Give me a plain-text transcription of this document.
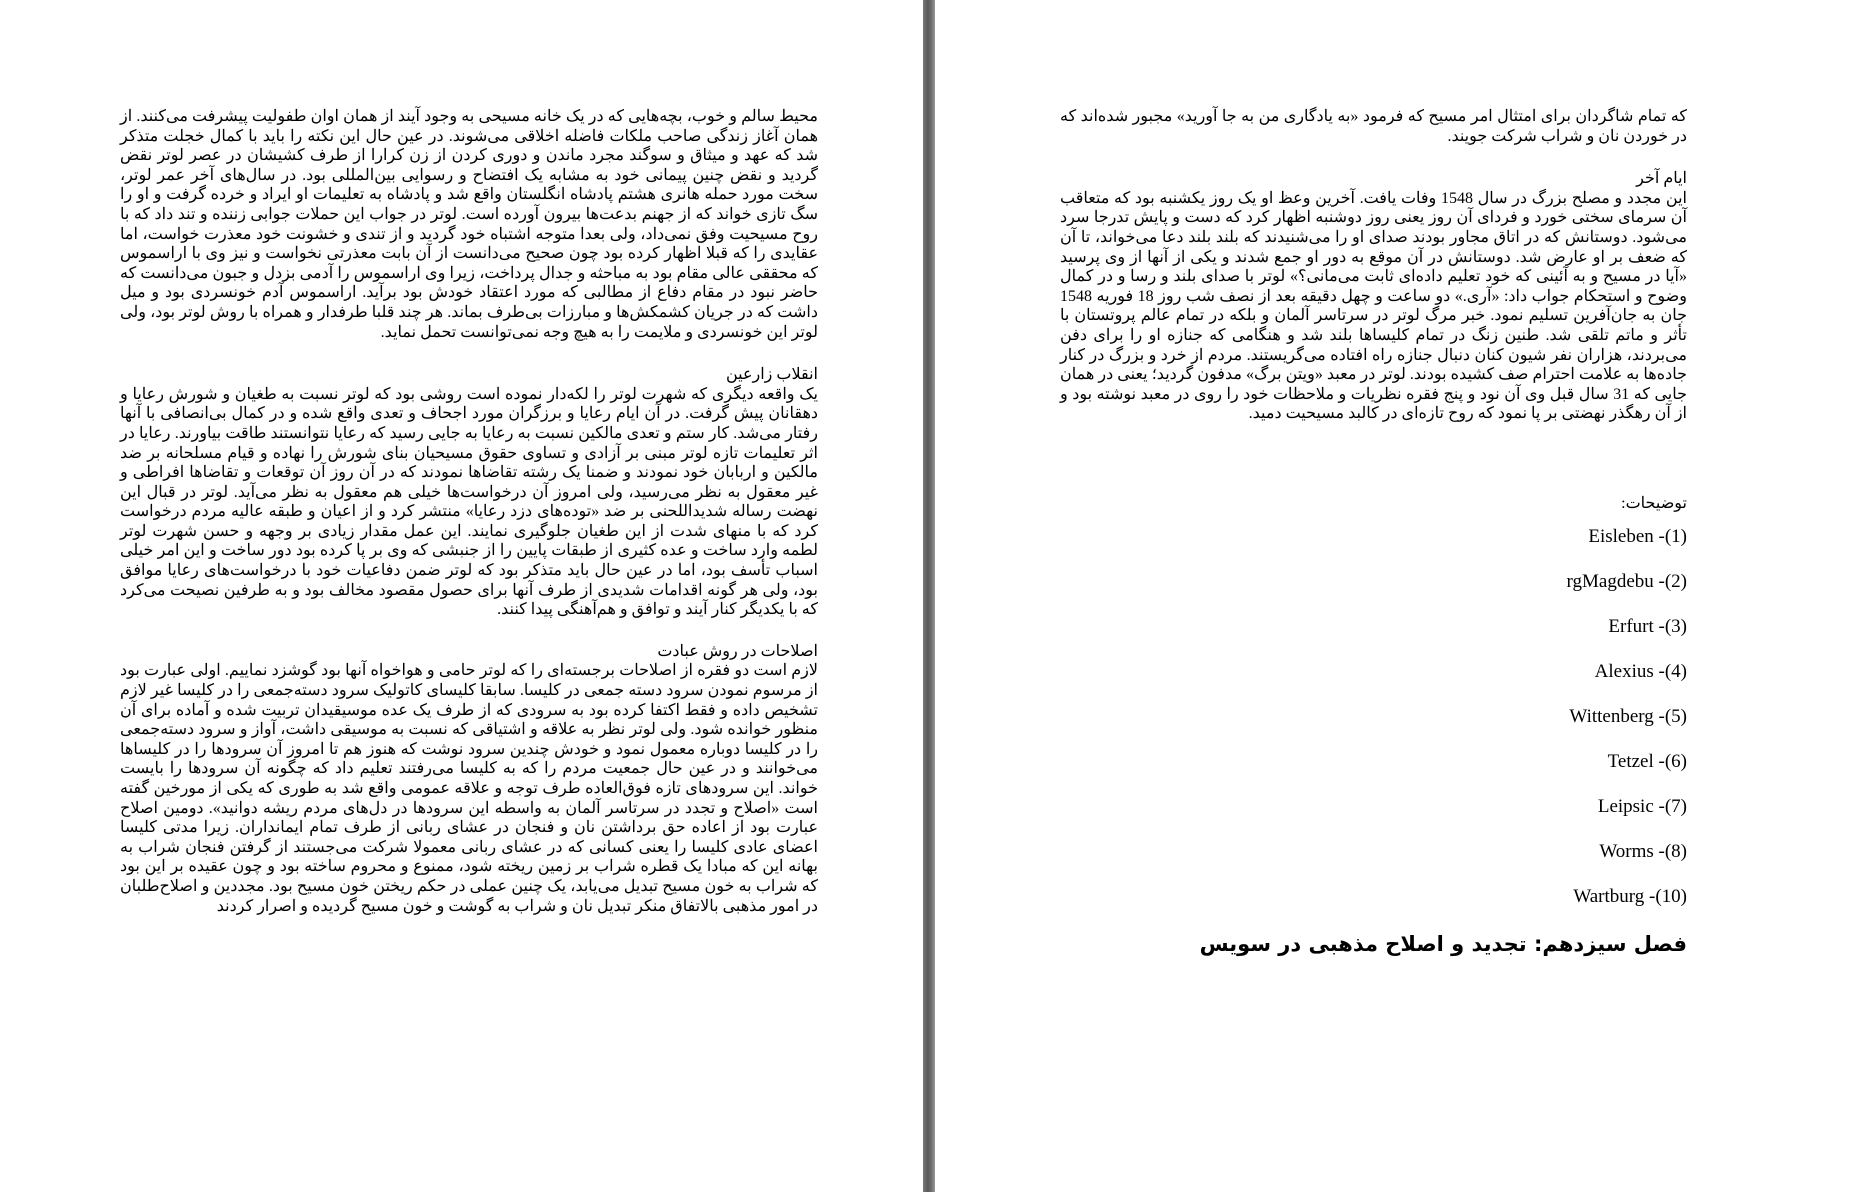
محیط سالم و خوب، بچه‌هایی که در یک خانه مسیحی به وجود آیند از همان اوان طفولیت پیشرفت می‌کنند. از همان آغاز زندگی صاحب ملکات فاضله اخلاقی می‌شوند. در عین حال این نکته را باید با کمال خجلت متذکر شد که عهد و میثاق و سوگند مجرد ماندن و دوری کردن از زن کرارا از طرف کشیشان در عصر لوتر نقض گردید و نقض چنین پیمانی خود به مشابه یک افتضاح و رسوایی بین‌المللی بود. در سال‌های آخر عمر لوتر، سخت مورد حمله هانری هشتم پادشاه انگلستان واقع شد و پادشاه به تعلیمات او ایراد و خرده گرفت و او را سگ تازی خواند که از جهنم بدعت‌ها بیرون آورده است. لوتر در جواب این حملات جوابی زننده و تند داد که با روح مسیحیت وفق نمی‌داد، ولی بعدا متوجه اشتباه خود گردید و از تندی و خشونت خود معذرت خواست، اما عقایدی را که قبلا اظهار کرده بود چون صحیح می‌دانست از آن بابت معذرتی نخواست و نیز وی با اراسموس که محققی عالی مقام بود به مباحثه و جدال پرداخت، زیرا وی اراسموس را آدمی بزدل و جبون می‌دانست که حاضر نبود در مقام دفاع از مطالبی که مورد اعتقاد خودش بود برآید. اراسموس آدم خونسردی بود و میل داشت که در جریان کشمکش‌ها و مبارزات بی‌طرف بماند. هر چند قلبا طرفدار و همراه با روش لوتر بود، ولی لوتر این خونسردی و ملایمت را به هیچ وجه نمی‌توانست تحمل نماید.

انقلاب زارعین

یک واقعه دیگری که شهرت لوتر را لکه‌دار نموده است روشی بود که لوتر نسبت به طغیان و شورش رعایا و دهقانان پیش گرفت. در آن ایام رعایا و برزگران مورد اجحاف و تعدی واقع شده و در کمال بی‌انصافی با آنها رفتار می‌شد. کار ستم و تعدی مالکین نسبت به رعایا به جایی رسید که رعایا نتوانستند طاقت بیاورند. رعایا در اثر تعلیمات تازه لوتر مبنی بر آزادی و تساوی حقوق مسیحیان بنای شورش را نهاده و قیام مسلحانه بر ضد مالکین و اربابان خود نمودند و ضمنا یک رشته تقاضاها نمودند که در آن روز آن توقعات و تقاضاها افراطی و غیر معقول به نظر می‌رسید، ولی امروز آن درخواست‌ها خیلی هم معقول به نظر می‌آید. لوتر در قبال این نهضت رساله شدیداللحنی بر ضد «توده‌های دزد رعایا» منتشر کرد و از اعیان و طبقه عالیه مردم درخواست کرد که با منهای شدت از این طغیان جلوگیری نمایند. این عمل مقدار زیادی بر وجهه و حسن شهرت لوتر لطمه وارد ساخت و عده کثیری از طبقات پایین را از جنبشی که وی بر پا کرده بود دور ساخت و این امر خیلی اسباب تأسف بود، اما در عین حال باید متذکر بود که لوتر ضمن دفاعیات خود با درخواست‌های رعایا موافق بود، ولی هر گونه اقدامات شدیدی از طرف آنها برای حصول مقصود مخالف بود و به طرفین نصیحت می‌کرد که با یکدیگر کنار آیند و توافق و هم‌آهنگی پیدا کنند.

اصلاحات در روش عبادت

لازم است دو فقره از اصلاحات برجسته‌ای را که لوتر حامی و هواخواه آنها بود گوشزد نماییم. اولی عبارت بود از مرسوم نمودن سرود دسته جمعی در کلیسا. سابقا کلیسای کاتولیک سرود دسته‌جمعی را در کلیسا غیر لازم تشخیص داده و فقط اکتفا کرده بود به سرودی که از طرف یک عده موسیقیدان تربیت شده و آماده برای آن منظور خوانده شود. ولی لوتر نظر به علاقه و اشتیاقی که نسبت به موسیقی داشت، آواز و سرود دسته‌جمعی را در کلیسا دوباره معمول نمود و خودش چندین سرود نوشت که هنوز هم تا امروز آن سرودها را در کلیساها می‌خوانند و در عین حال جمعیت مردم را که به کلیسا می‌رفتند تعلیم داد که چگونه آن سرودها را بایست خواند. این سرودهای تازه فوق‌العاده طرف توجه و علاقه عمومی واقع شد به طوری که یکی از مورخین گفته است «اصلاح و تجدد در سرتاسر آلمان به واسطه این سرودها در دل‌های مردم ریشه دوانید». دومین اصلاح عبارت بود از اعاده حق برداشتن نان و فنجان در عشای ربانی از طرف تمام ایمانداران. زیرا مدتی کلیسا اعضای عادی کلیسا را یعنی کسانی که در عشای ربانی معمولا شرکت می‌جستند از گرفتن فنجان شراب به بهانه این که مبادا یک قطره شراب بر زمین ریخته شود، ممنوع و محروم ساخته بود و چون عقیده بر این بود که شراب به خون مسیح تبدیل می‌یابد، یک چنین عملی در حکم ریختن خون مسیح بود. مجددین و اصلاح‌طلبان در امور مذهبی بالاتفاق منکر تبدیل نان و شراب به گوشت و خون مسیح گردیده و اصرار کردند

که تمام شاگردان برای امتثال امر مسیح که فرمود «به یادگاری من به جا آورید» مجبور شده‌اند که در خوردن نان و شراب شرکت جویند.

ایام آخر

این مجدد و مصلح بزرگ در سال 1548 وفات یافت. آخرین وعظ او یک روز یکشنبه بود که متعاقب آن سرمای سختی خورد و فردای آن روز یعنی روز دوشنبه اظهار کرد که دست و پایش تدرجا سرد می‌شود. دوستانش که در اتاق مجاور بودند صدای او را می‌شنیدند که بلند بلند دعا می‌خواند، تا آن که ضعف بر او عارض شد. دوستانش در آن موقع به دور او جمع شدند و یکی از آنها از وی پرسید «آیا در مسیح و به آئینی که خود تعلیم داده‌ای ثابت می‌مانی؟» لوتر با صدای بلند و رسا و در کمال وضوح و استحکام جواب داد: «آری.» دو ساعت و چهل دقیقه بعد از نصف شب روز 18 فوریه 1548 جان به جان‌آفرین تسلیم نمود. خبر مرگ لوتر در سرتاسر آلمان و بلکه در تمام عالم پروتستان با تأثر و ماتم تلقی شد. طنین زنگ در تمام کلیساها بلند شد و هنگامی که جنازه او را برای دفن می‌بردند، هزاران نفر شیون کنان دنبال جنازه راه افتاده می‌گریستند. مردم از خرد و بزرگ در کنار جاده‌ها به علامت احترام صف کشیده بودند. لوتر در معبد «ویتن برگ» مدفون گردید؛ یعنی در همان جایی که 31 سال قبل وی آن نود و پنج فقره نظریات و ملاحظات خود را روی در معبد نوشته بود و از آن رهگذر نهضتی بر پا نمود که روح تازه‌ای در کالبد مسیحیت دمید.

توضیحات:

Eisleben -(1)
rgMagdebu -(2)
Erfurt -(3)
Alexius -(4)
Wittenberg -(5)
Tetzel -(6)
Leipsic -(7)
Worms -(8)
Wartburg -(10)
فصل سیزدهم: تجدید و اصلاح مذهبی در سویس
